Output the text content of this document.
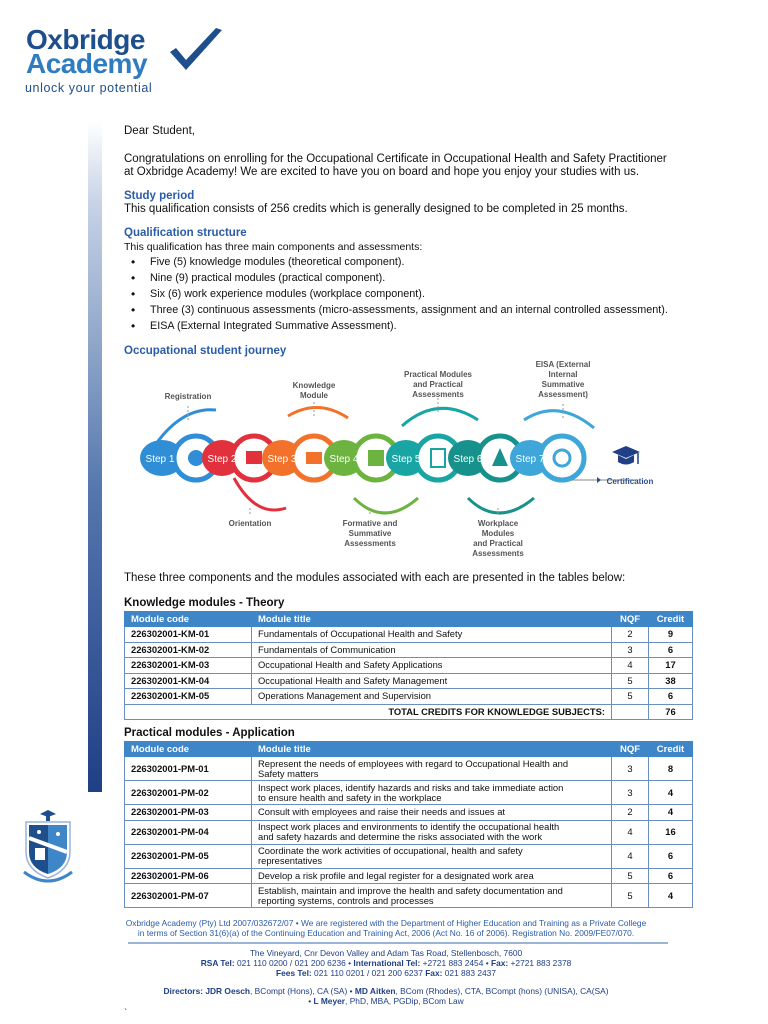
Oxbridge
Academy
unlock your potential
Dear Student,
Congratulations on enrolling for the Occupational Certificate in Occupational Health and Safety Practitioner
at Oxbridge Academy! We are excited to have you on board and hope you enjoy your studies with us.
Study period
This qualification consists of 256 credits which is generally designed to be completed in 25 months.
Qualification structure
This qualification has three main components and assessments:
• Five (5) knowledge modules (theoretical component).
• Nine (9) practical modules (practical component).
• Six (6) work experience modules (workplace component).
• Three (3) continuous assessments (micro-assessments, assignment and an internal controlled assessment).
• EISA (External Integrated Summative Assessment).
Occupational student journey
Step 1	Step 2	Step 3	Step 4	Step 5	Step 6	Step 7
Registration
Knowledge
Module
Practical Modules
and Practical
Assessments
EISA (External
Internal
Summative
Assessment)
Orientation	Formative and
Summative
Assessments
Workplace
Modules
and Practical
Assessments
Certification
These three components and the modules associated with each are presented in the tables below:
Knowledge modules - Theory
Module code	Module title	NQF	Credit
226302001-KM-01	Fundamentals of Occupational Health and Safety	2	9
226302001-KM-02	Fundamentals of Communication	3	6
226302001-KM-03	Occupational Health and Safety Applications	4	17
226302001-KM-04	Occupational Health and Safety Management	5	38
226302001-KM-05	Operations Management and Supervision	5	6
TOTAL CREDITS FOR KNOWLEDGE SUBJECTS:			76
Practical modules - Application
Module code	Module title	NQF	Credit
226302001-PM-01	Represent the needs of employees with regard to Occupational Health and
Safety matters	3	8
226302001-PM-02	Inspect work places, identify hazards and risks and take immediate action
to ensure health and safety in the workplace	3	4
226302001-PM-03	Consult with employees and raise their needs and issues at	2	4
226302001-PM-04	Inspect work places and environments to identify the occupational health
and safety hazards and determine the risks associated with the work	4	16
226302001-PM-05	Coordinate the work activities of occupational, health and safety
representatives	4	6
226302001-PM-06	Develop a risk profile and legal register for a designated work area	5	6
226302001-PM-07	Establish, maintain and improve the health and safety documentation and
reporting systems, controls and processes	5	4
Oxbridge Academy (Pty) Ltd 2007/032672/07 • We are registered with the Department of Higher Education and Training as a Private College
in terms of Section 31(6)(a) of the Continuing Education and Training Act, 2006 (Act No. 16 of 2006). Registration No. 2009/FE07/070.
The Vineyard, Cnr Devon Valley and Adam Tas Road, Stellenbosch, 7600
RSA Tel: 021 110 0200 / 021 200 6236 • International Tel: +2721 883 2454 • Fax: +2721 883 2378
Fees Tel: 021 110 0201 / 021 200 6237 Fax: 021 883 2437
Directors: JDR Oesch, BCompt (Hons), CA (SA) • MD Aitken, BCom (Rhodes), CTA, BCompt (hons) (UNISA), CA(SA)
• L Meyer, PhD, MBA, PGDip, BCom Law
`
